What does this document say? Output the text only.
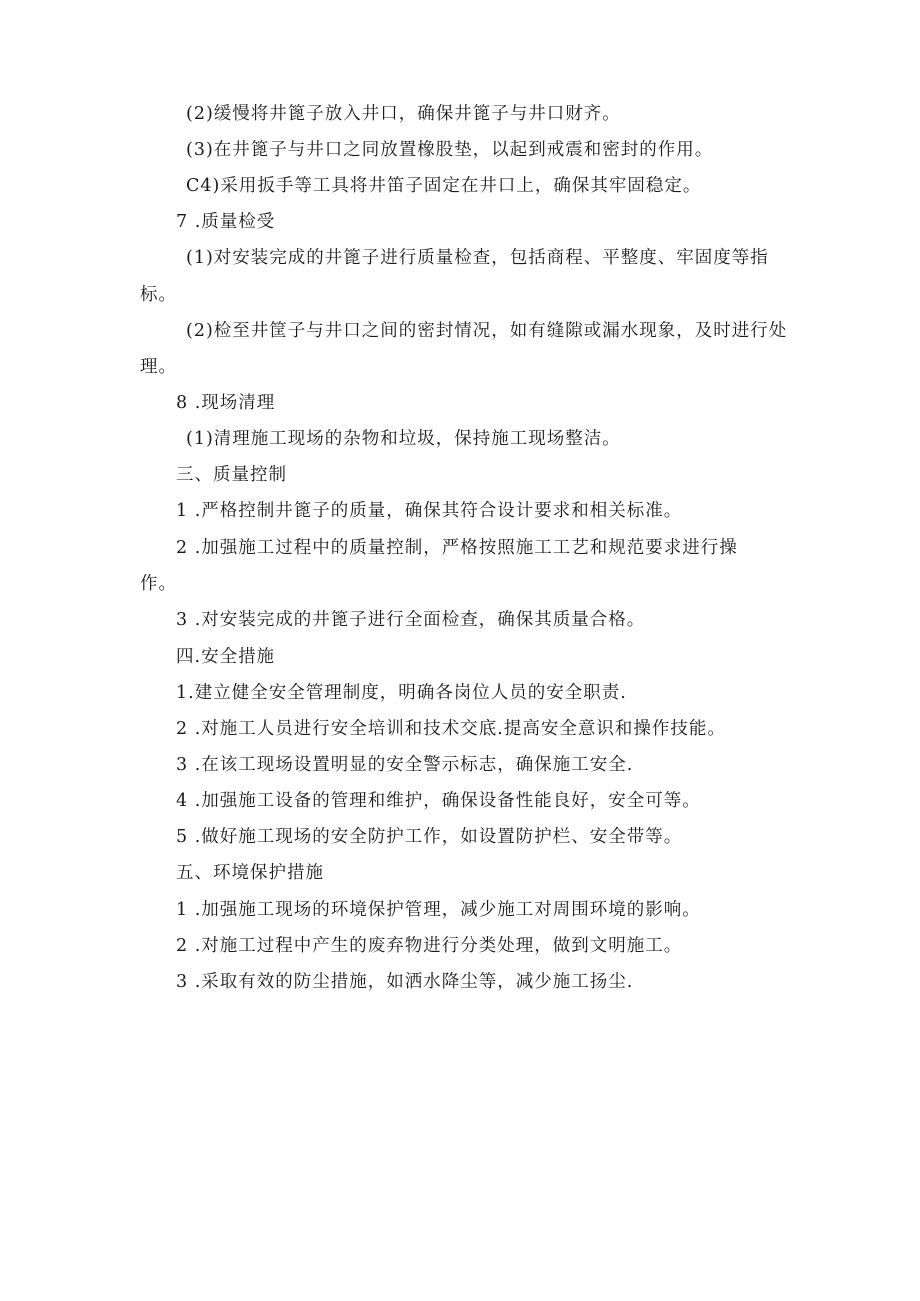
(2)缓慢将井篦子放入井口，确保井篦子与井口财齐。
(3)在井篦子与井口之同放置橡股垫，以起到戒震和密封的作用。
C4)采用扳手等工具将井笛子固定在井口上，确保其牢固稳定。
7 .质量检受
(1)对安装完成的井篦子进行质量检查，包括商程、平整度、牢固度等指
标。
(2)检至井筐子与井口之间的密封情况，如有缝隙或漏水现象，及时进行处
理。
8 .现场清理
(1)清理施工现场的杂物和垃圾，保持施工现场整洁。
三、质量控制
1 .严格控制井篦子的质量，确保其符合设计要求和相关标准。
2 .加强施工过程中的质量控制，严格按照施工工艺和规范要求进行操
作。
3 .对安装完成的井篦子进行全面检查，确保其质量合格。
四.安全措施
1.建立健全安全管理制度，明确各岗位人员的安全职责.
2 .对施工人员进行安全培训和技术交底.提高安全意识和操作技能。
3 .在该工现场设置明显的安全警示标志，确保施工安全.
4 .加强施工设备的管理和维护，确保设备性能良好，安全可等。
5 .做好施工现场的安全防护工作，如设置防护栏、安全带等。
五、环境保护措施
1 .加强施工现场的环境保护管理，减少施工对周围环境的影响。
2 .对施工过程中产生的废弃物进行分类处理，做到文明施工。
3 .采取有效的防尘措施，如洒水降尘等，减少施工扬尘.
